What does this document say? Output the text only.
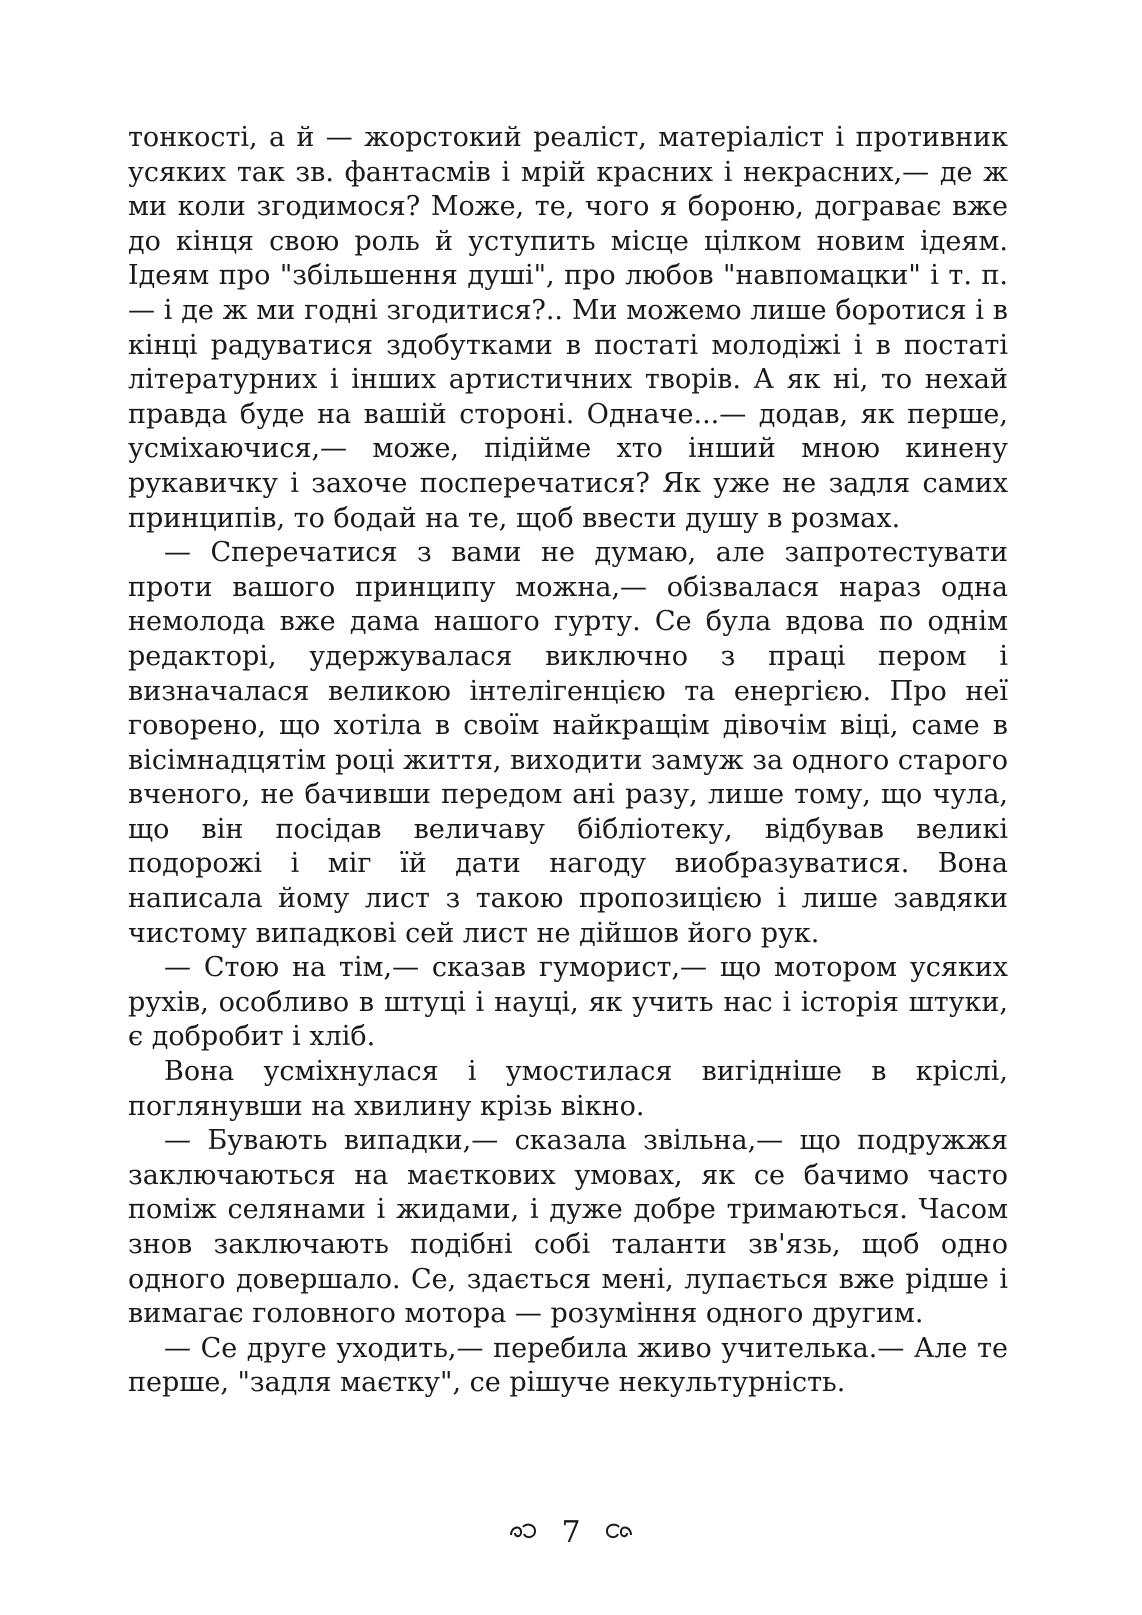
тонкості, а й — жорстокий реаліст, матеріаліст і противник усяких так зв. фантасмів і мрій красних і некрасних,— де ж ми коли згодимося? Може, те, чого я бороню, дограває вже до кінця свою роль й уступить місце цілком новим ідеям. Ідеям про "збільшення душі", про любов "навпомацки" і т. п.— і де ж ми годні згодитися?.. Ми можемо лише боротися і в кінці радуватися здобутками в постаті молодіжі і в постаті літературних і інших артистичних творів. А як ні, то нехай правда буде на вашій стороні. Одначе...— додав, як перше, усміхаючися,— може, підійме хто інший мною кинену рукавичку і захоче посперечатися? Як уже не задля самих принципів, то бодай на те, щоб ввести душу в розмах.

— Спеpечатися з вами не думаю, але запротестувати проти вашого принципу можна,— обізвалася нараз одна немолода вже дама нашого гурту. Се була вдова по однім редакторі, удержувалася виключно з праці пером і визначалася великою інтелігенцією та енергією. Про неї говорено, що хотіла в своїм найкращім дівочім віці, саме в вісімнадцятім році життя, виходити замуж за одного старого вченого, не бачивши передом ані разу, лише тому, що чула, що він посідав величаву бібліотеку, відбував великі подорожі і міг їй дати нагоду виобразуватися. Вона написала йому лист з такою пропозицією і лише завдяки чистому випадкові сей лист не дійшов його рук.

— Стою на тім,— сказав гуморист,— що мотором усяких рухів, особливо в штуці і науці, як учить нас і історія штуки, є добробит і хліб.

Вона усміхнулася і умостилася вигідніше в кріслі, поглянувши на хвилину крізь вікно.

— Бувають випадки,— сказала звільна,— що подружжя заключаються на маєткових умовах, як се бачимо часто поміж селянами і жидами, і дуже добре тримаються. Часом знов заключають подібні собі таланти зв'язь, щоб одно одного довершало. Се, здається мені, лупається вже рідше і вимагає головного мотора — розуміння одного другим.

— Се друге уходить,— перебила живо учителька.— Але те перше, "задля маєтку", се рішуче некультурність.

7
